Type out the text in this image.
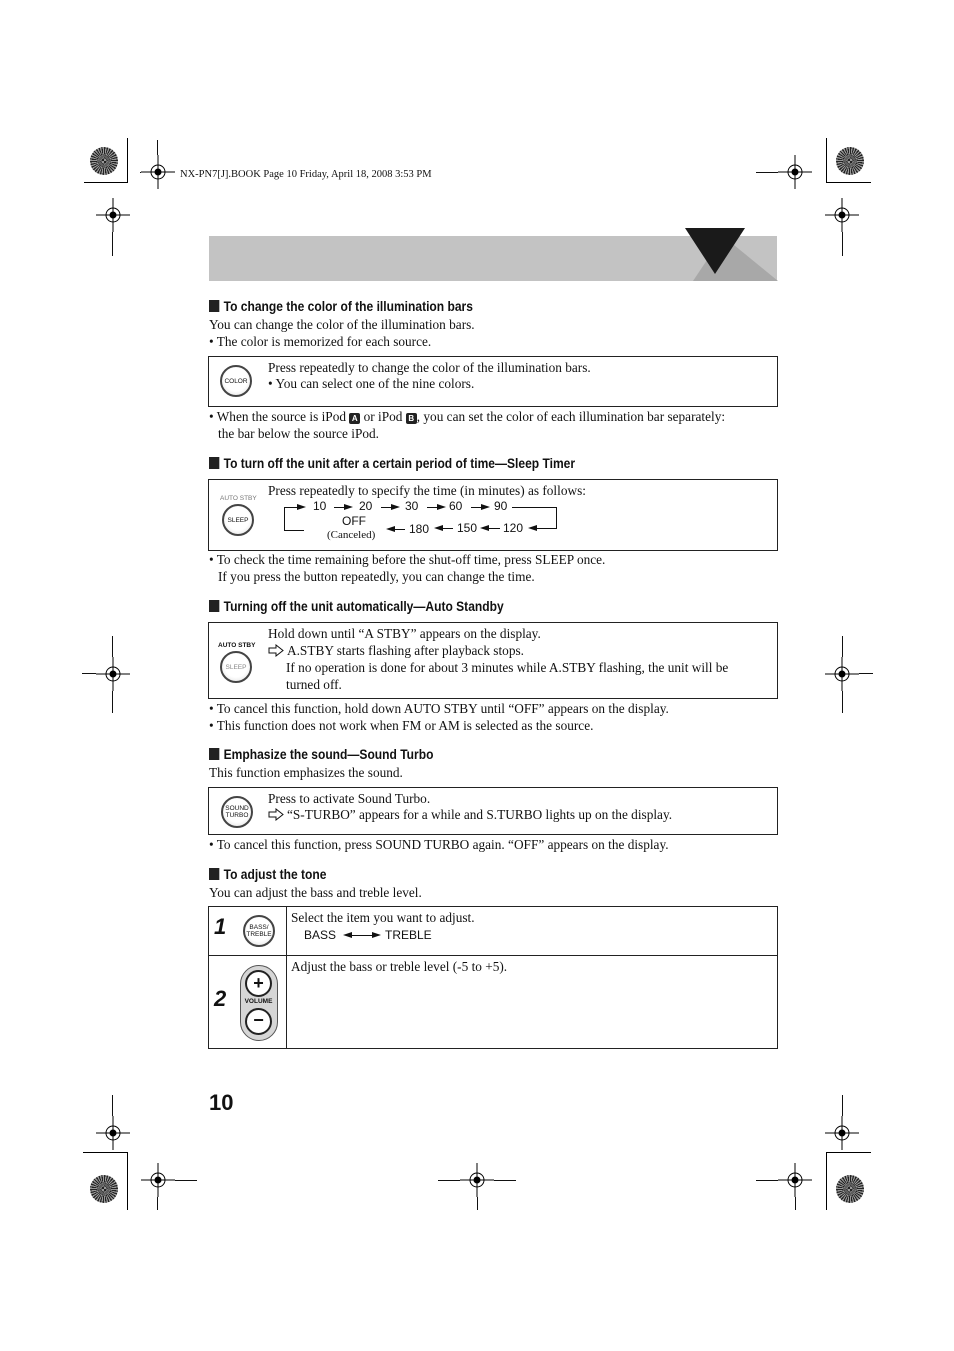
NX-PN7[J].BOOK Page 10 Friday, April 18, 2008 3:53 PM
To change the color of the illumination bars
You can change the color of the illumination bars.
• The color is memorized for each source.
COLOR
Press repeatedly to change the color of the illumination bars.
• You can select one of the nine colors.
• When the source is iPod A or iPod B , you can set the color of each illumination bar separately:
the bar below the source iPod.
To turn off the unit after a certain period of time—Sleep Timer
AUTO STBY
SLEEP
Press repeatedly to specify the time (in minutes) as follows:
10	20	30	60	90
OFF
(Canceled)	180 150 120
• To check the time remaining before the shut-off time, press SLEEP once.
If you press the button repeatedly, you can change the time.
Turning off the unit automatically—Auto Standby
AUTO STBY
SLEEP
Hold down until “A STBY” appears on the display.
A.STBY starts flashing after playback stops.
If no operation is done for about 3 minutes while A.STBY flashing, the unit will be
turned off.
• To cancel this function, hold down AUTO STBY until “OFF” appears on the display.
• This function does not work when FM or AM is selected as the source.
Emphasize the sound—Sound Turbo
This function emphasizes the sound.
SOUND
TURBO
Press to activate Sound Turbo.
“S-TURBO” appears for a while and S.TURBO lights up on the display.
• To cancel this function, press SOUND TURBO again. “OFF” appears on the display.
To adjust the tone
You can adjust the bass and treble level.
1	BASS/
TREBLE
Select the item you want to adjust.
BASS	TREBLE
2
+
VOLUME
−
Adjust the bass or treble level (-5 to +5).
10
